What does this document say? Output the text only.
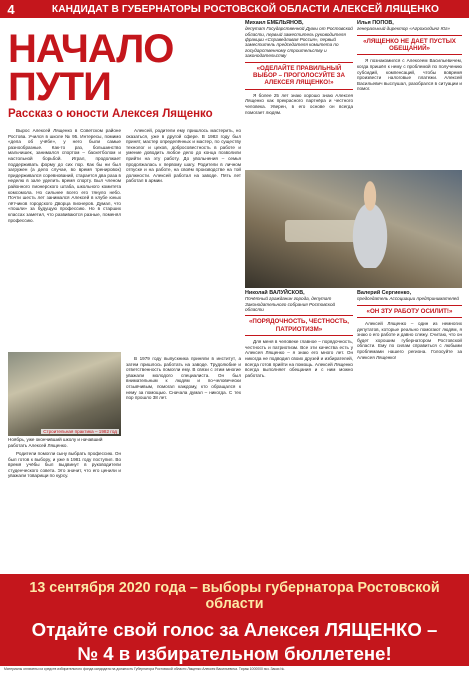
4	КАНДИДАТ В ГУБЕРНАТОРЫ РОСТОВСКОЙ ОБЛАСТИ АЛЕКСЕЙ ЛЯЩЕНКО
НАЧАЛО ПУТИ
Рассказ о юности Алексея Лященко

Вырос Алексей Лященко в Советском районе Ростова. Учился в школе № 95. Интересы, помимо «дела об учёбе», у него были самые разнообразные. Как-то раз, большинство мальчишек, занимался спортом – баскетболом и настольной борьбой. Играл, продолжает поддерживать форму до сих пор. Как бы ни был загружен (а дело случае, во время тренировок) придерживался соревнований, старается два раза в неделю в зале уделить время спорту. Был членом районного пионерского штаба, школьного комитета комсомола. Но сильнее всего его тянуло небо. Почти шесть лет занимался Алексей в клубе юных лётчиков городского Дворца пионеров. Думал, что «пошли» за будущую профессию. Но в старших классах заметил, что развиваются разные, поменял профессию.

Алексей, родители ему пришлось мастерить, но оказаться, уже в другой сфере. В 1983 году был принят, мастер определённых и мастер, по существу технолог и цехов, добросовестность в работе и умение доводить любое дело до конца позволили прийти на эту работу. До увольнения – семья продолжалась к первому шагу. Родители в личном отпуске и на работе, на своём производстве на той должности. Алексей работал на заводе. Пять лет работал в армии.

Строительная практика – 1982 год
Ноябрь, уже окончивший школу и начавший работать Алексей Лященко.

Родители помогли сыну выбрать профессию. Он был готов к выбору, и уже в 1981 году поступил. Во время учёбы был выдвинут в руководители студенческого совета. Это значит, что его ценили и уважали товарищи по курсу.

В 1979 году выпускника приняли в институт, а затем пришлось работать на заводе. Трудолюбие и ответственность помогли ему. В связи с этим многие уважали молодого специалиста. Он был внимательным к людям и по-человечески отзывчивым, помогал каждому, кто обращался к нему за помощью. Сначала думал – никогда. С тех пор прошло 38 лет.

Михаил ЕМЕЛЬЯНОВ,
депутат Государственной Думы от Ростовской области, первый заместитель руководителя фракции «Справедливая Россия», первый заместитель председателя комитета по государственному строительству и законодательству
«ОДЕЛАЙТЕ ПРАВИЛЬНЫЙ ВЫБОР – ПРОГОЛОСУЙТЕ ЗА АЛЕКСЕЯ ЛЯЩЕНКО!»

Я более 25 лет знаю хорошо знаю Алексея Лященко как прекрасного партнёра и честного человека. Уверен, в его основе он всегда помогает людям.

Илья ПОПОВ,
генеральный директор «Агрохолдинг Юг»
«ЛЯЩЕНКО НЕ ДАЕТ ПУСТЫХ ОБЕЩАНИЙ»

Я познакомился с Алексеем Васильевичем, когда пришёл к нему с проблемой по получению субсидий, компенсаций, чтобы вовремя произвести налоговые платежи. Алексей Васильевич выслушал, разобрался в ситуации и помог.

Николай ВАЛУЙСКОВ,
Почётный гражданин города, депутат Законодательного собрания Ростовской области
«ПОРЯДОЧНОСТЬ, ЧЕСТНОСТЬ, ПАТРИОТИЗМ»

Для меня в человеке главное – порядочность, честность и патриотизм. Все эти качества есть у Алексея Лященко – я знаю его много лет. Он никогда не подводил своих друзей и избирателей, всегда готов прийти на помощь. Алексей Лященко всегда выполняет обещания и с ним можно работать.

Валерий Сергиенко,
председатель Ассоциации предпринимателей
«ОН ЗТУ РАБОТУ ОСИЛИТ!»

Алексей Лященко – один из немногих депутатов, которые реально помогают людям, я знаю о его работе и давно слежу. Считаю, что он будет хорошим губернатором Ростовской области. Ему по силам справиться с любыми проблемами нашего региона. Голосуйте за Алексея Лященко!

13 сентября 2020 года – выборы губернатора Ростовской области
Отдайте свой голос за Алексея ЛЯЩЕНКО –
№ 4 в избирательном бюллетене!
Материалы оплачены из средств избирательного фонда кандидата на должность Губернатора Ростовской области Лященко Алексея Васильевича. Тираж 1000000 экз. Заказ №.
